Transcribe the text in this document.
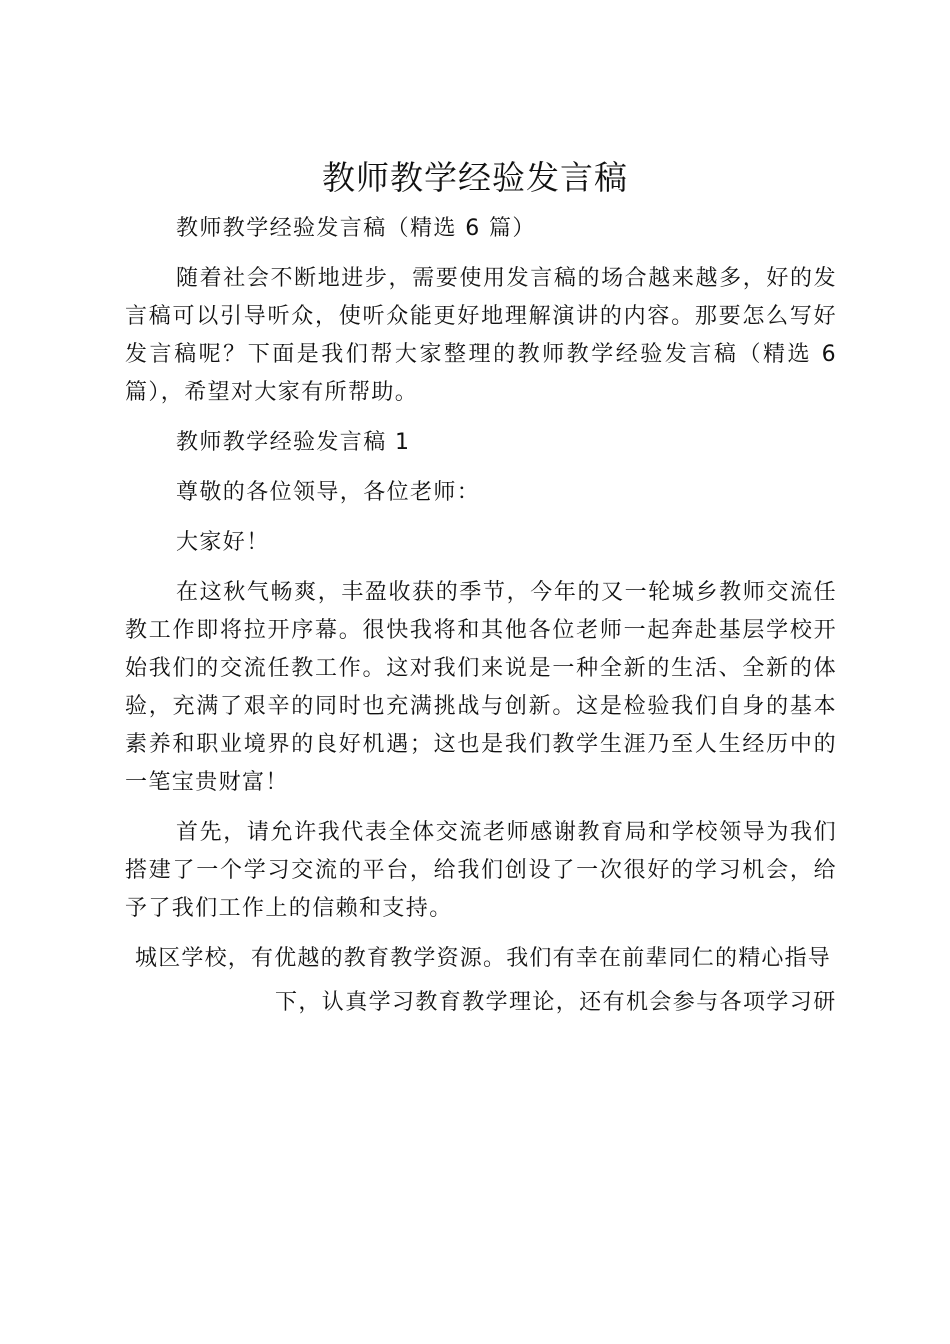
教师教学经验发言稿

教师教学经验发言稿（精选 6 篇）

随着社会不断地进步，需要使用发言稿的场合越来越多，好的发言稿可以引导听众，使听众能更好地理解演讲的内容。那要怎么写好发言稿呢？下面是我们帮大家整理的教师教学经验发言稿（精选 6 篇），希望对大家有所帮助。

教师教学经验发言稿 1

尊敬的各位领导，各位老师：

大家好！

在这秋气畅爽，丰盈收获的季节，今年的又一轮城乡教师交流任教工作即将拉开序幕。很快我将和其他各位老师一起奔赴基层学校开始我们的交流任教工作。这对我们来说是一种全新的生活、全新的体验，充满了艰辛的同时也充满挑战与创新。这是检验我们自身的基本素养和职业境界的良好机遇；这也是我们教学生涯乃至人生经历中的一笔宝贵财富！

首先，请允许我代表全体交流老师感谢教育局和学校领导为我们搭建了一个学习交流的平台，给我们创设了一次很好的学习机会，给予了我们工作上的信赖和支持。

城区学校，有优越的教育教学资源。我们有幸在前辈同仁的精心指导

下，认真学习教育教学理论，还有机会参与各项学习研
